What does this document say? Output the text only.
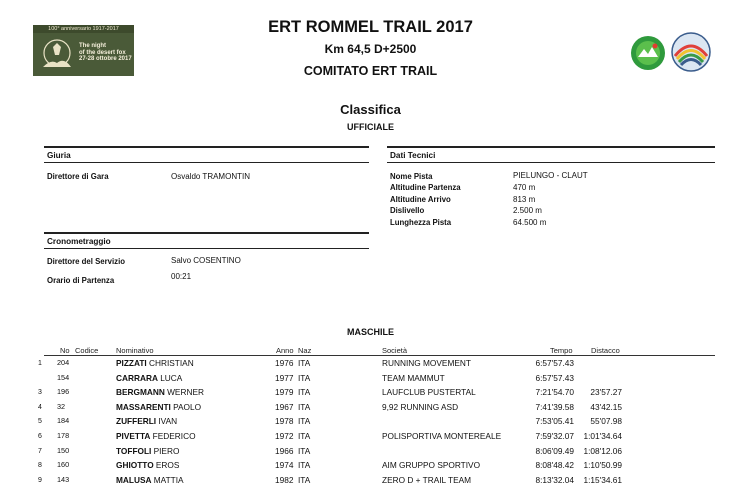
100° anniversario 1917-2017
The night
of the desert fox
27-28 ottobre 2017
ERT ROMMEL TRAIL 2017
Km 64,5 D+2500
COMITATO ERT TRAIL
Classifica
UFFICIALE
Giuria
Direttore di Gara	Osvaldo TRAMONTIN
Cronometraggio
Direttore del Servizio	Salvo COSENTINO
Orario di Partenza	00:21
Dati Tecnici
Nome Pista	PIELUNGO - CLAUT
Altitudine Partenza	470 m
Altitudine Arrivo	813 m
Dislivello	2.500 m
Lunghezza Pista	64.500 m
MASCHILE
No Codice Nominativo	Anno Naz	Società	Tempo Distacco
1 204	PIZZATI CHRISTIAN	1976 ITA	RUNNING MOVEMENT	6:57'57.43
154	CARRARA LUCA	1977 ITA	TEAM MAMMUT	6:57'57.43
3 196	BERGMANN WERNER	1979 ITA	LAUFCLUB PUSTERTAL	7:21'54.70	23'57.27
4 32	MASSARENTI PAOLO	1967 ITA	9,92 RUNNING ASD	7:41'39.58	43'42.15
5 184	ZUFFERLI IVAN	1978 ITA	7:53'05.41	55'07.98
6 178	PIVETTA FEDERICO	1972 ITA	POLISPORTIVA MONTEREALE	7:59'32.07	1:01'34.64
7 150	TOFFOLI PIERO	1966 ITA	8:06'09.49	1:08'12.06
8 160	GHIOTTO EROS	1974 ITA	AIM GRUPPO SPORTIVO	8:08'48.42	1:10'50.99
9 143	MALUSA MATTIA	1982 ITA	ZERO D + TRAIL TEAM	8:13'32.04	1:15'34.61
